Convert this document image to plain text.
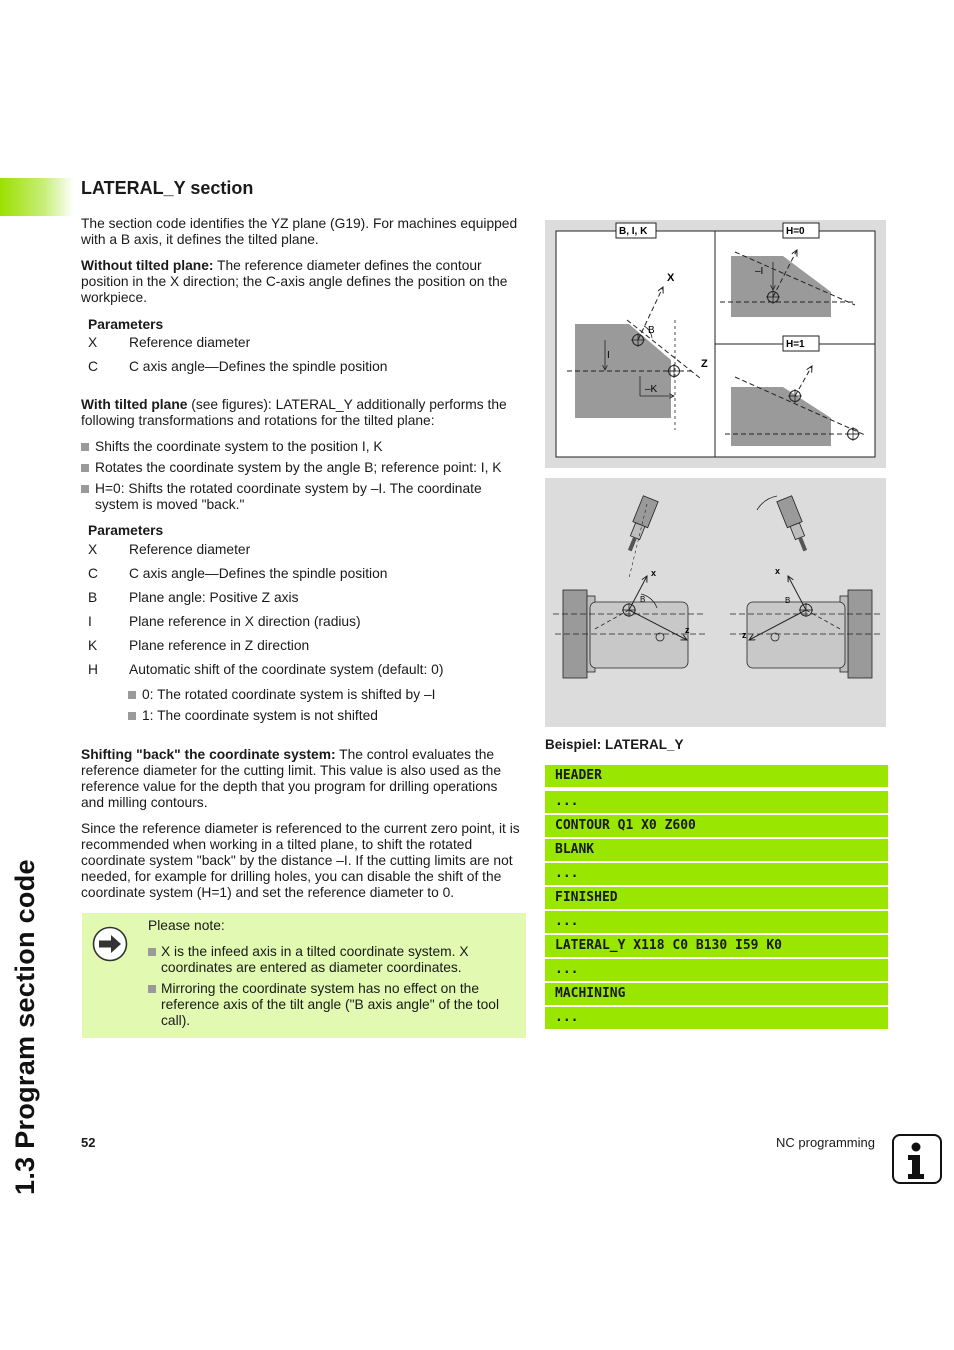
1.3 Program section code
LATERAL_Y section

The section code identifies the YZ plane (G19). For machines equipped with a B axis, it defines the tilted plane.

Without tilted plane: The reference diameter defines the contour position in the X direction; the C-axis angle defines the position on the workpiece.

Parameters

X Reference diameter
C C axis angle—Defines the spindle position

With tilted plane (see figures): LATERAL_Y additionally performs the following transformations and rotations for the tilted plane:

Shifts the coordinate system to the position I, K
Rotates the coordinate system by the angle B; reference point: I, K
H=0: Shifts the rotated coordinate system by –I. The coordinate system is moved "back."

Parameters

X Reference diameter
C C axis angle—Defines the spindle position
B Plane angle: Positive Z axis
I	Plane reference in X direction (radius)
K Plane reference in Z direction
H Automatic shift of the coordinate system (default: 0)
0: The rotated coordinate system is shifted by –I
1: The coordinate system is not shifted

Shifting "back" the coordinate system: The control evaluates the reference diameter for the cutting limit. This value is also used as the reference value for the depth that you program for drilling operations and milling contours.

Since the reference diameter is referenced to the current zero point, it is recommended when working in a tilted plane, to shift the rotated coordinate system "back" by the distance –I. If the cutting limits are not needed, for example for drilling holes, you can disable the shift of the coordinate system (H=1) and set the reference diameter to 0.

Please note:
X is the infeed axis in a tilted coordinate system. X coordinates are entered as diameter coordinates.
Mirroring the coordinate system has no effect on the reference axis of the tilt angle ("B axis angle" of the tool call).
B, I, K	H=0
H=1
X
Z
B
I
–K
–I
x
z
B
x
z
B
Beispiel: LATERAL_Y
HEADER
...
CONTOUR Q1 X0 Z600
BLANK
...
FINISHED
...
LATERAL_Y X118 C0 B130 I59 K0
...
MACHINING
...
52	NC programming
